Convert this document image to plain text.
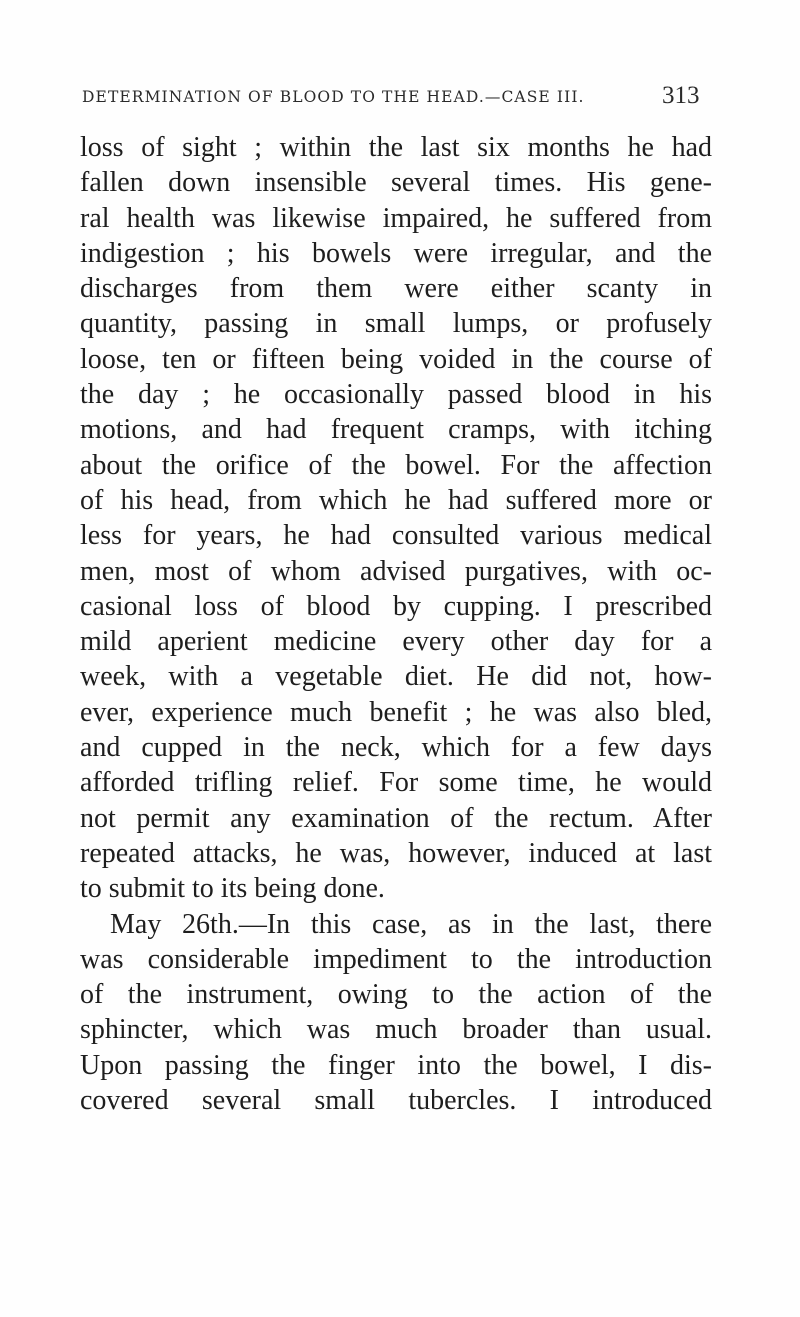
DETERMINATION OF BLOOD TO THE HEAD.—CASE III.	313
loss of sight ; within the last six months he had
fallen down insensible several times. His gene-
ral health was likewise impaired, he suffered from
indigestion ; his bowels were irregular, and the
discharges from them were either scanty in
quantity, passing in small lumps, or profusely
loose, ten or fifteen being voided in the course of
the day ; he occasionally passed blood in his
motions, and had frequent cramps, with itching
about the orifice of the bowel. For the affection
of his head, from which he had suffered more or
less for years, he had consulted various medical
men, most of whom advised purgatives, with oc-
casional loss of blood by cupping. I prescribed
mild aperient medicine every other day for a
week, with a vegetable diet. He did not, how-
ever, experience much benefit ; he was also bled,
and cupped in the neck, which for a few days
afforded trifling relief. For some time, he would
not permit any examination of the rectum. After
repeated attacks, he was, however, induced at last
to submit to its being done.
May 26th.—In this case, as in the last, there
was considerable impediment to the introduction
of the instrument, owing to the action of the
sphincter, which was much broader than usual.
Upon passing the finger into the bowel, I dis-
covered several small tubercles. I introduced
